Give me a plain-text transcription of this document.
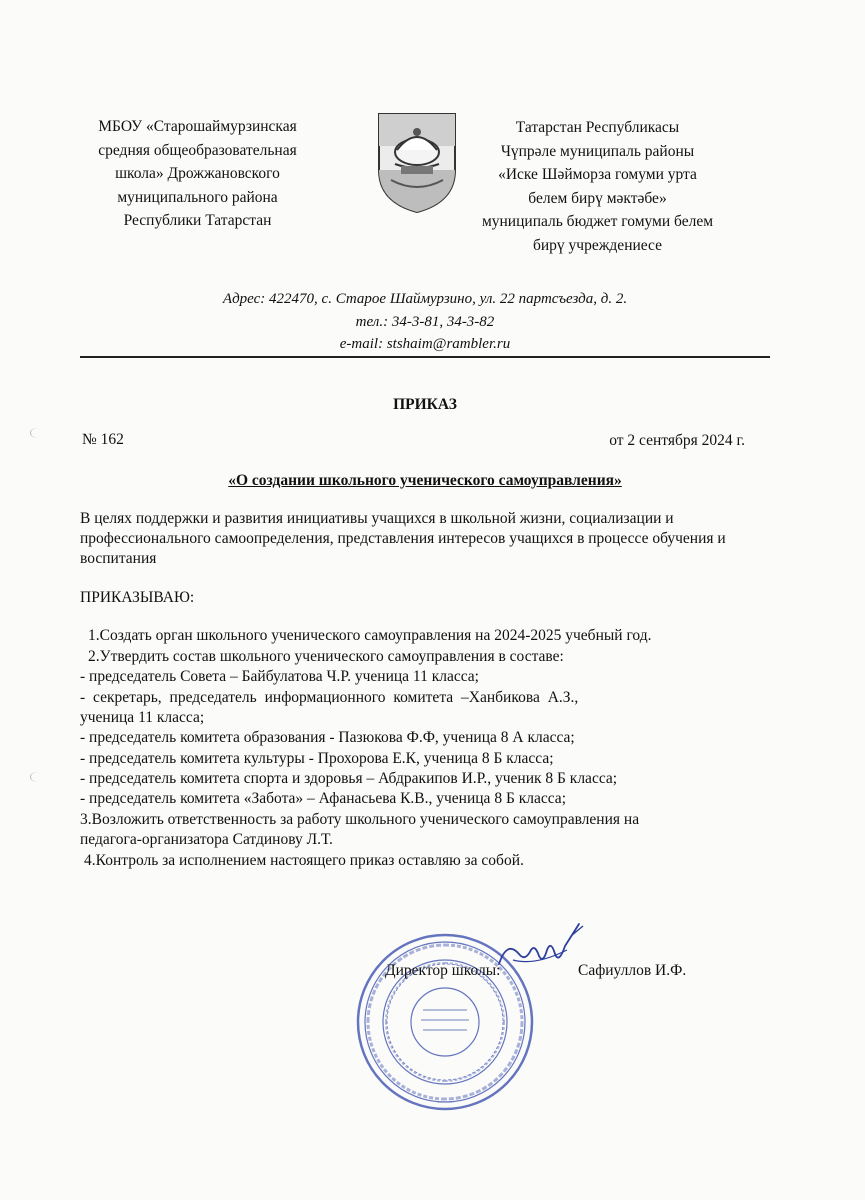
МБОУ «Старошаймурзинская
средняя общеобразовательная
школа» Дрожжановского
муниципального района
Республики Татарстан
Татарстан Республикасы
Чүпрәле муниципаль районы
«Иске Шәйморза гомуми урта
белем бирү мәктәбе»
муниципаль бюджет гомуми белем
бирү учреждениесе
Адрес: 422470, с. Старое Шаймурзино, ул. 22 партсъезда, д. 2.
тел.: 34-3-81, 34-3-82
e-mail: stshaim@rambler.ru
ПРИКАЗ
№ 162	от 2 сентября 2024 г.
«О создании школьного ученического самоуправления»
В целях поддержки и развития инициативы учащихся в школьной жизни, социализации и профессионального самоопределения, представления интересов учащихся в процессе обучения и воспитания
ПРИКАЗЫВАЮ:
1.Создать орган школьного ученического самоуправления на 2024-2025 учебный год.
2.Утвердить состав школьного ученического самоуправления в составе:
- председатель Совета – Байбулатова Ч.Р. ученица 11 класса;
- секретарь, председатель информационного комитета –Ханбикова А.З.,
ученица 11 класса;
- председатель комитета образования - Пазюкова Ф.Ф, ученица 8 А класса;
- председатель комитета культуры - Прохорова Е.К, ученица 8 Б класса;
- председатель комитета спорта и здоровья – Абдракипов И.Р., ученик 8 Б класса;
- председатель комитета «Забота» – Афанасьева К.В., ученица 8 Б класса;
3.Возложить ответственность за работу школьного ученического самоуправления на
педагога-организатора Сатдинову Л.Т.
4.Контроль за исполнением настоящего приказ оставляю за собой.
Директор школы:	Сафиуллов И.Ф.
